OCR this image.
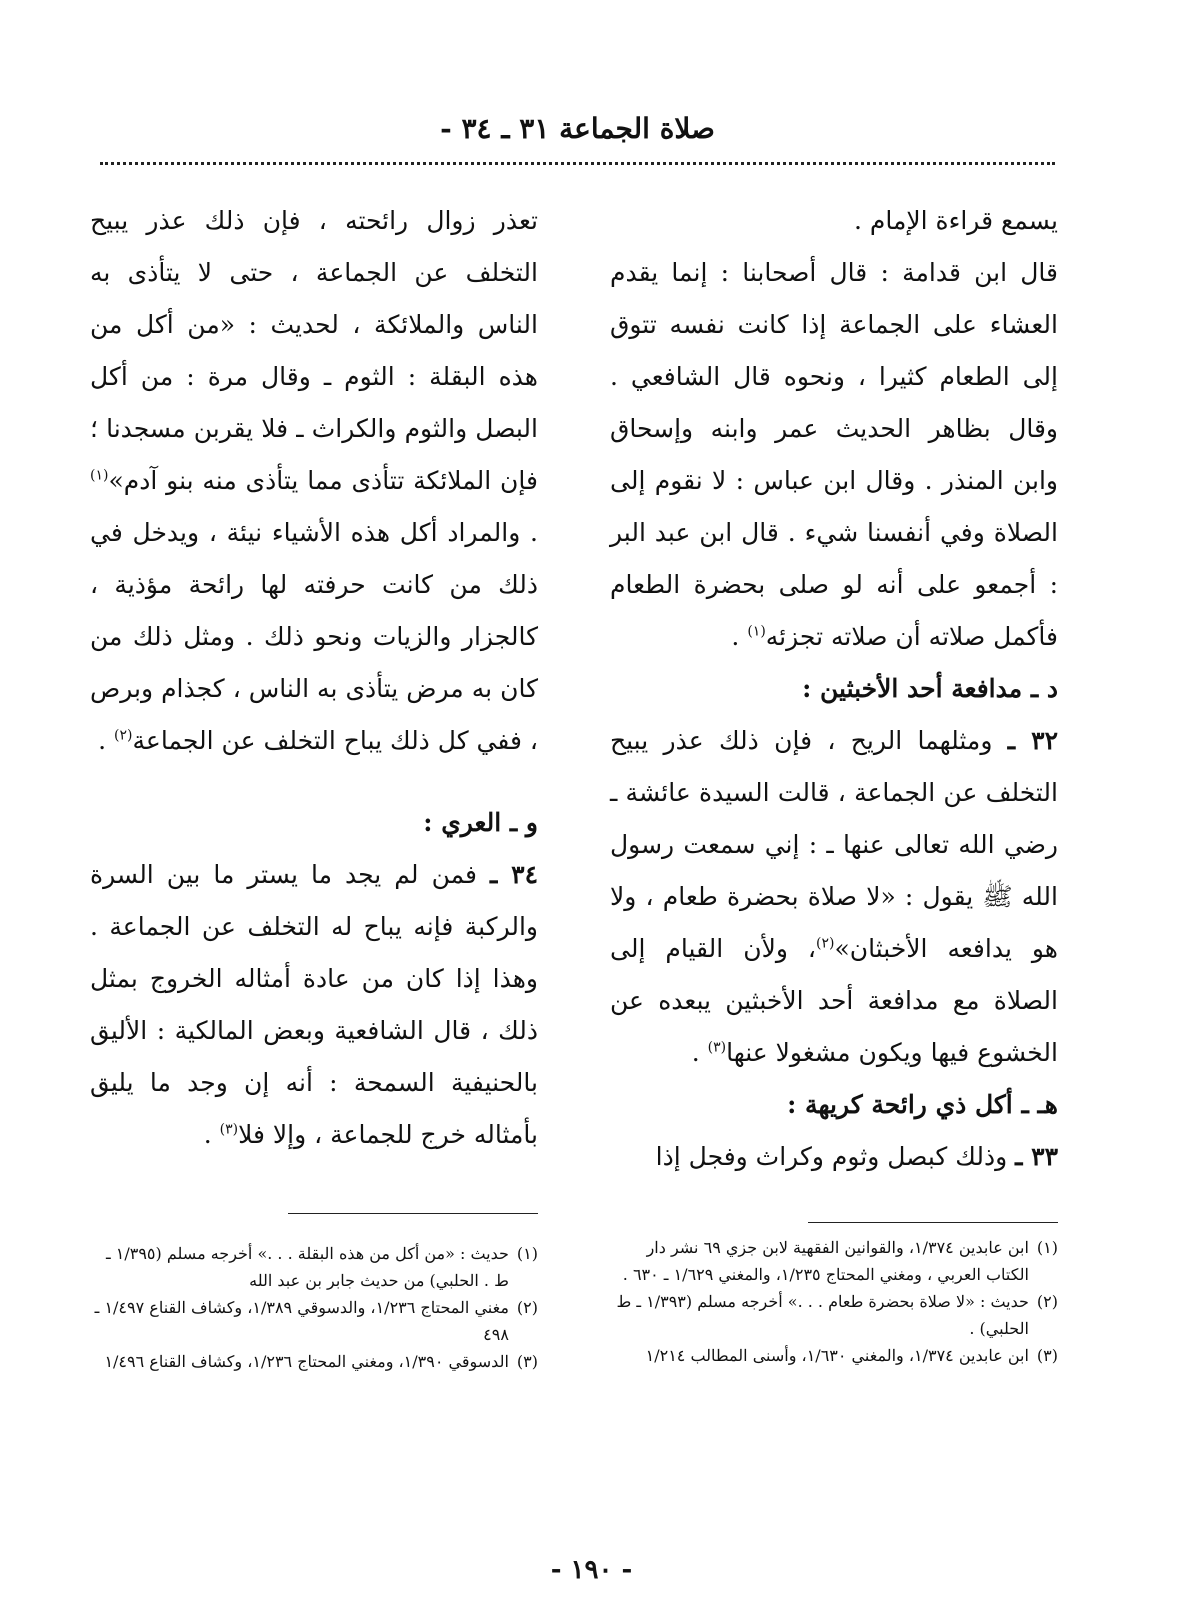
صلاة الجماعة ٣١ ـ ٣٤ -

يسمع قراءة الإمام .

قال ابن قدامة : قال أصحابنا : إنما يقدم العشاء على الجماعة إذا كانت نفسه تتوق إلى الطعام كثيرا ، ونحوه قال الشافعي . وقال بظاهر الحديث عمر وابنه وإسحاق وابن المنذر . وقال ابن عباس : لا نقوم إلى الصلاة وفي أنفسنا شيء . قال ابن عبد البر : أجمعو على أنه لو صلى بحضرة الطعام فأكمل صلاته أن صلاته تجزئه$^{(١)}$ .

د ـ مدافعة أحد الأخبثين :

٣٢ ـ ومثلهما الريح ، فإن ذلك عذر يبيح التخلف عن الجماعة ، قالت السيدة عائشة ـ رضي الله تعالى عنها ـ : إني سمعت رسول الله ﷺ يقول : «لا صلاة بحضرة طعام ، ولا هو يدافعه الأخبثان»$^{(٢)}$، ولأن القيام إلى الصلاة مع مدافعة أحد الأخبثين يبعده عن الخشوع فيها ويكون مشغولا عنها$^{(٣)}$ .

هـ ـ أكل ذي رائحة كريهة :

٣٣ ـ وذلك كبصل وثوم وكراث وفجل إذا

تعذر زوال رائحته ، فإن ذلك عذر يبيح التخلف عن الجماعة ، حتى لا يتأذى به الناس والملائكة ، لحديث : «من أكل من هذه البقلة : الثوم ـ وقال مرة : من أكل البصل والثوم والكراث ـ فلا يقربن مسجدنا ؛ فإن الملائكة تتأذى مما يتأذى منه بنو آدم»$^{(١)}$ . والمراد أكل هذه الأشياء نيئة ، ويدخل في ذلك من كانت حرفته لها رائحة مؤذية ، كالجزار والزيات ونحو ذلك . ومثل ذلك من كان به مرض يتأذى به الناس ، كجذام وبرص ، ففي كل ذلك يباح التخلف عن الجماعة$^{(٢)}$ .

و ـ العري :

٣٤ ـ فمن لم يجد ما يستر ما بين السرة والركبة فإنه يباح له التخلف عن الجماعة . وهذا إذا كان من عادة أمثاله الخروج بمثل ذلك ، قال الشافعية وبعض المالكية : الأليق بالحنيفية السمحة : أنه إن وجد ما يليق بأمثاله خرج للجماعة ، وإلا فلا$^{(٣)}$ .

(١)
ابن عابدين ١/٣٧٤، والقوانين الفقهية لابن جزي ٦٩ نشر دار الكتاب العربي ، ومغني المحتاج ١/٢٣٥، والمغني ١/٦٢٩ ـ ٦٣٠ .

(٢)
حديث : «لا صلاة بحضرة طعام . . .» أخرجه مسلم (١/٣٩٣ ـ ط الحلبي) .

(٣)
ابن عابدين ١/٣٧٤، والمغني ١/٦٣٠، وأسنى المطالب ١/٢١٤

(١)
حديث : «من أكل من هذه البقلة . . .» أخرجه مسلم (١/٣٩٥ ـ ط . الحلبي) من حديث جابر بن عبد الله

(٢)
مغني المحتاج ١/٢٣٦، والدسوقي ١/٣٨٩، وكشاف القناع ١/٤٩٧ ـ ٤٩٨

(٣)
الدسوقي ١/٣٩٠، ومغني المحتاج ١/٢٣٦، وكشاف القناع ١/٤٩٦

- ١٩٠ -
